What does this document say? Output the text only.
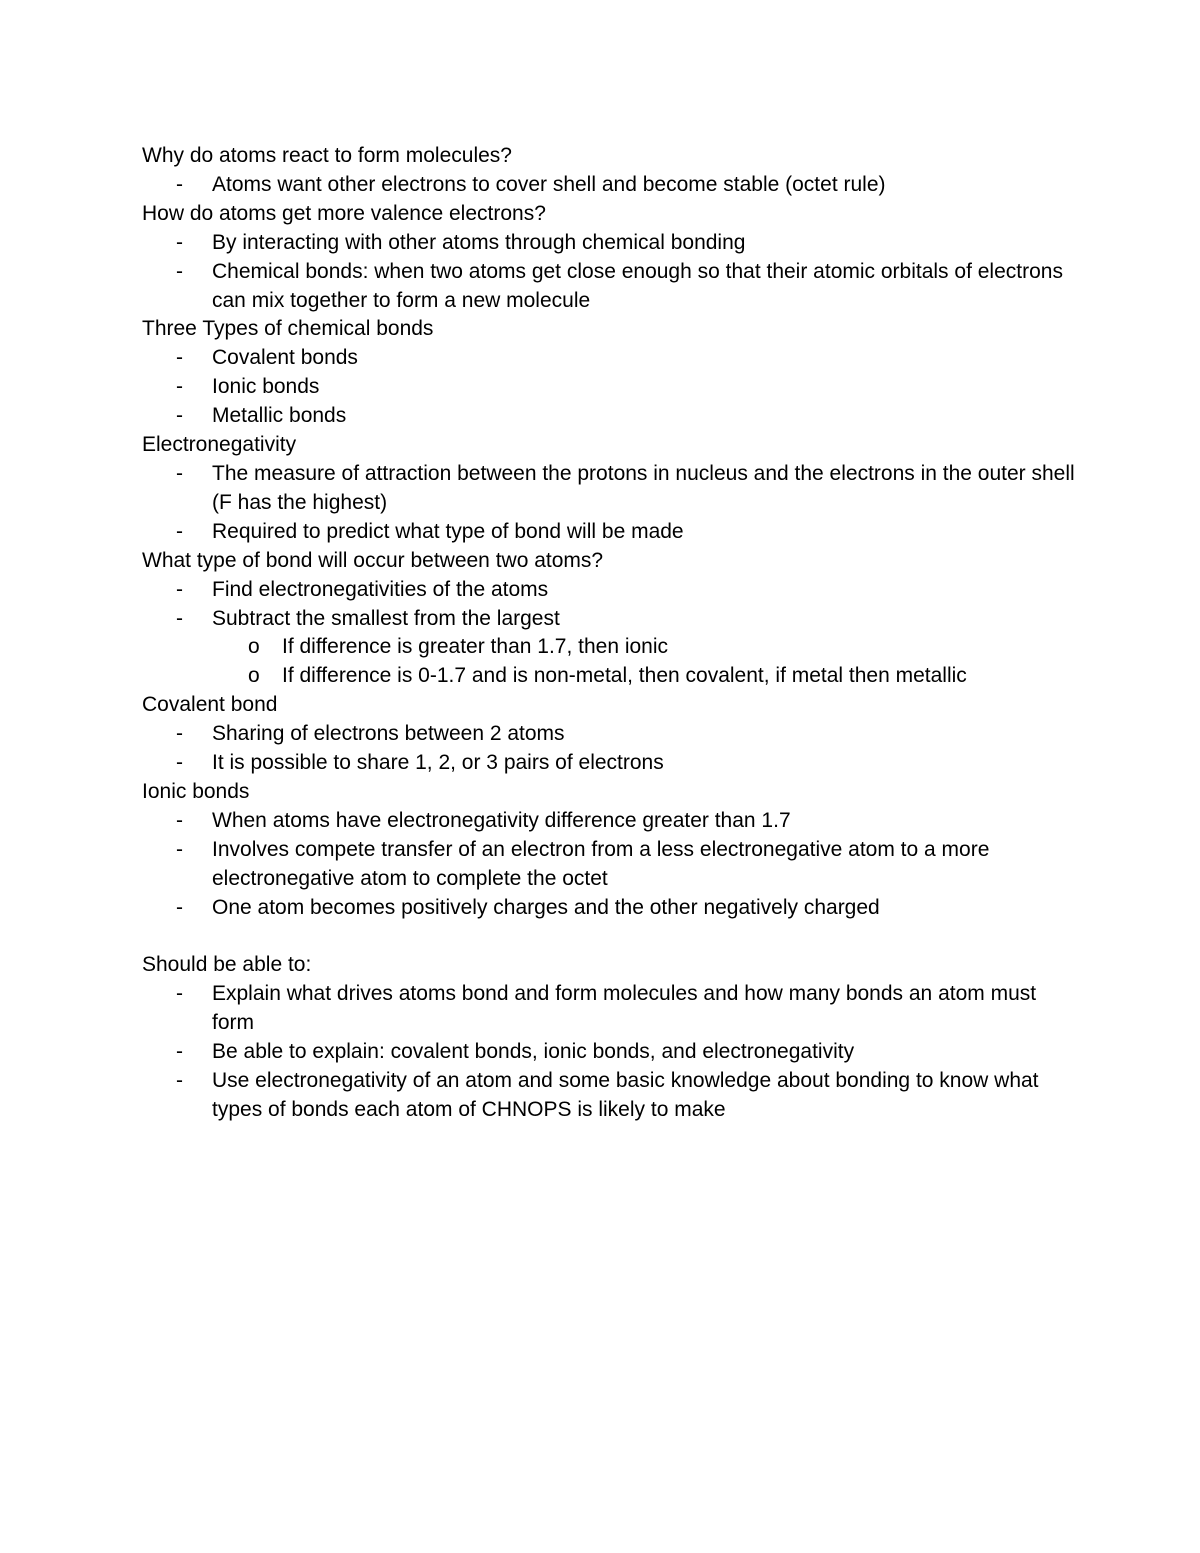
Why do atoms react to form molecules?

- Atoms want other electrons to cover shell and become stable (octet rule)

How do atoms get more valence electrons?

- By interacting with other atoms through chemical bonding
- Chemical bonds: when two atoms get close enough so that their atomic orbitals of electrons can mix together to form a new molecule

Three Types of chemical bonds

- Covalent bonds
- Ionic bonds
- Metallic bonds

Electronegativity

- The measure of attraction between the protons in nucleus and the electrons in the outer shell (F has the highest)
- Required to predict what type of bond will be made

What type of bond will occur between two atoms?

- Find electronegativities of the atoms
- Subtract the smallest from the largest
o If difference is greater than 1.7, then ionic
o If difference is 0-1.7 and is non-metal, then covalent, if metal then metallic

Covalent bond

- Sharing of electrons between 2 atoms
- It is possible to share 1, 2, or 3 pairs of electrons

Ionic bonds

- When atoms have electronegativity difference greater than 1.7
- Involves compete transfer of an electron from a less electronegative atom to a more electronegative atom to complete the octet
- One atom becomes positively charges and the other negatively charged

Should be able to:

- Explain what drives atoms bond and form molecules and how many bonds an atom must form
- Be able to explain: covalent bonds, ionic bonds, and electronegativity
- Use electronegativity of an atom and some basic knowledge about bonding to know what types of bonds each atom of CHNOPS is likely to make
